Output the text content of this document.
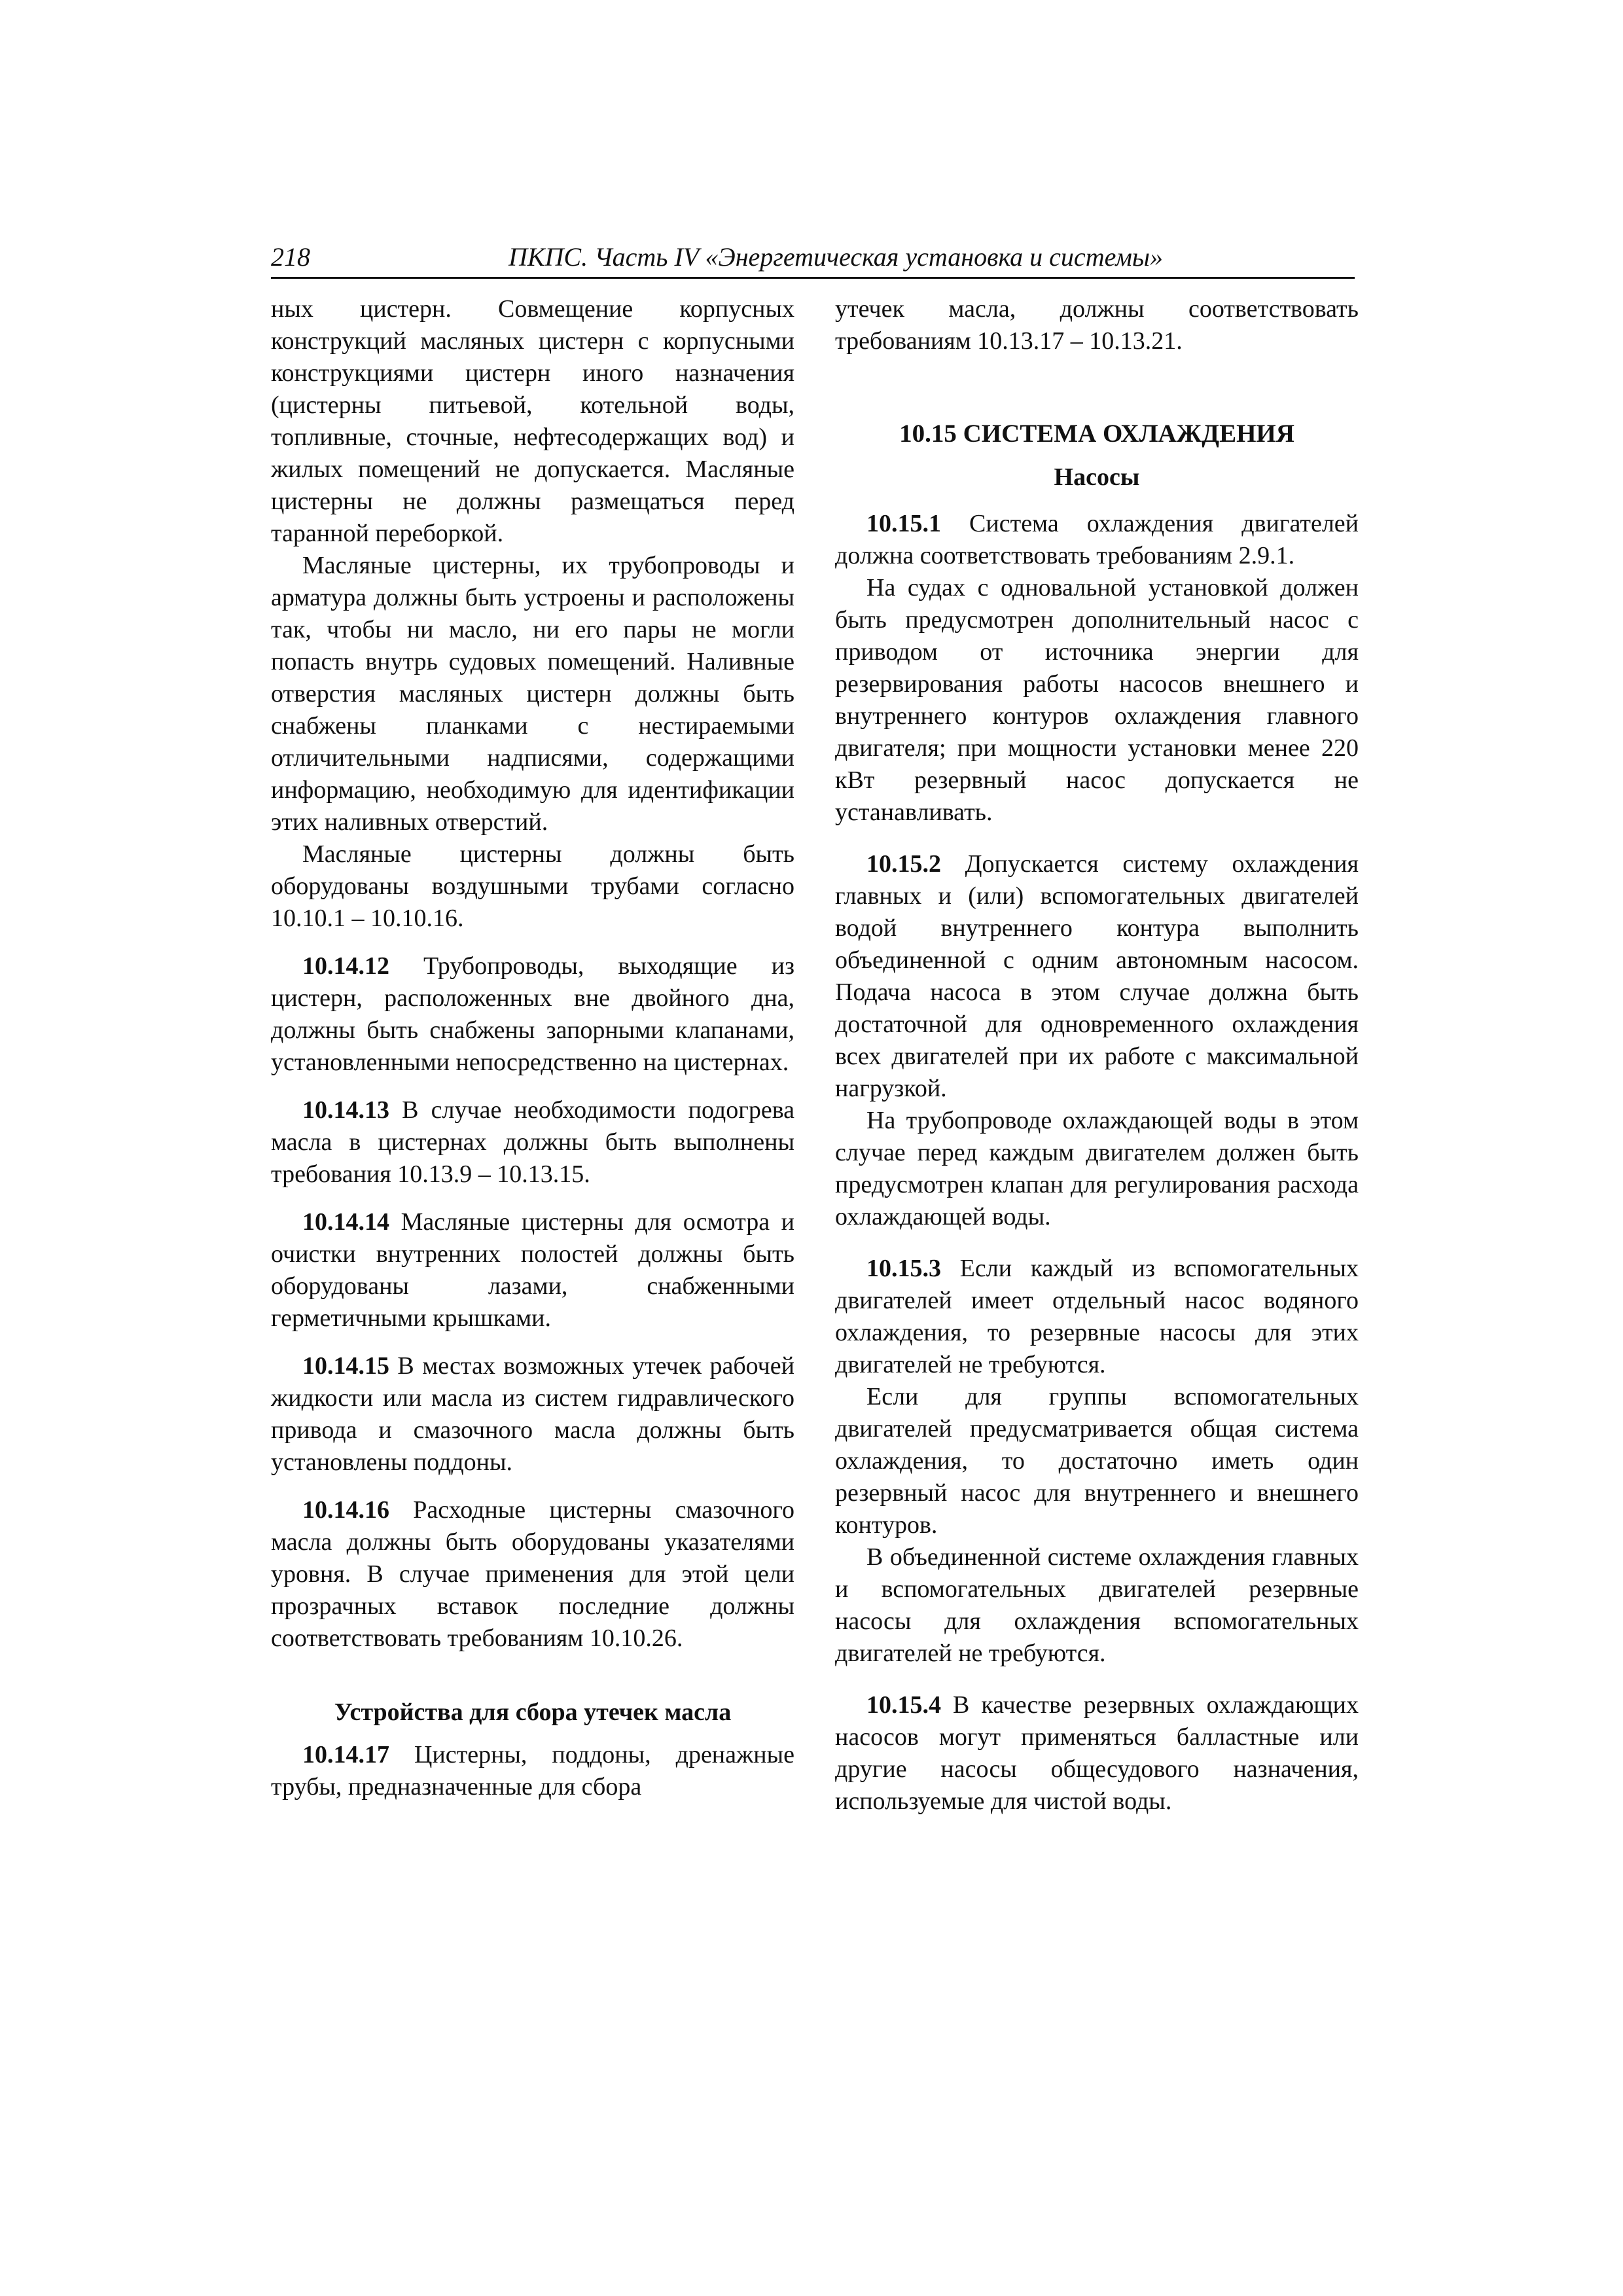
218	ПКПС. Часть IV «Энергетическая установка и системы»

ных цистерн. Совмещение корпусных конструкций масляных цистерн с корпусными конструкциями цистерн иного назначения (цистерны питьевой, котельной воды, топливные, сточные, нефтесодержащих вод) и жилых помещений не допускается. Масляные цистерны не должны размещаться перед таранной переборкой.

Масляные цистерны, их трубопроводы и арматура должны быть устроены и расположены так, чтобы ни масло, ни его пары не могли попасть внутрь судовых помещений. Наливные отверстия масляных цистерн должны быть снабжены планками с нестираемыми отличительными надписями, содержащими информацию, необходимую для идентификации этих наливных отверстий.

Масляные цистерны должны быть оборудованы воздушными трубами согласно 10.10.1 – 10.10.16.

10.14.12 Трубопроводы, выходящие из цистерн, расположенных вне двойного дна, должны быть снабжены запорными клапанами, установленными непосредственно на цистернах.

10.14.13 В случае необходимости подогрева масла в цистернах должны быть выполнены требования 10.13.9 – 10.13.15.

10.14.14 Масляные цистерны для осмотра и очистки внутренних полостей должны быть оборудованы лазами, снабженными герметичными крышками.

10.14.15 В местах возможных утечек рабочей жидкости или масла из систем гидравлического привода и смазочного масла должны быть установлены поддоны.

10.14.16 Расходные цистерны смазочного масла должны быть оборудованы указателями уровня. В случае применения для этой цели прозрачных вставок последние должны соответствовать требованиям 10.10.26.

Устройства для сбора утечек масла

10.14.17 Цистерны, поддоны, дренажные трубы, предназначенные для сбора

утечек масла, должны соответствовать требованиям 10.13.17 – 10.13.21.

10.15 СИСТЕМА ОХЛАЖДЕНИЯ
Насосы

10.15.1 Система охлаждения двигателей должна соответствовать требованиям 2.9.1.

На судах с одновальной установкой должен быть предусмотрен дополнительный насос с приводом от источника энергии для резервирования работы насосов внешнего и внутреннего контуров охлаждения главного двигателя; при мощности установки менее 220 кВт резервный насос допускается не устанавливать.

10.15.2 Допускается систему охлаждения главных и (или) вспомогательных двигателей водой внутреннего контура выполнить объединенной с одним автономным насосом. Подача насоса в этом случае должна быть достаточной для одновременного охлаждения всех двигателей при их работе с максимальной нагрузкой.

На трубопроводе охлаждающей воды в этом случае перед каждым двигателем должен быть предусмотрен клапан для регулирования расхода охлаждающей воды.

10.15.3 Если каждый из вспомогательных двигателей имеет отдельный насос водяного охлаждения, то резервные насосы для этих двигателей не требуются.

Если для группы вспомогательных двигателей предусматривается общая система охлаждения, то достаточно иметь один резервный насос для внутреннего и внешнего контуров.

В объединенной системе охлаждения главных и вспомогательных двигателей резервные насосы для охлаждения вспомогательных двигателей не требуются.

10.15.4 В качестве резервных охлаждающих насосов могут применяться балластные или другие насосы общесудового назначения, используемые для чистой воды.
